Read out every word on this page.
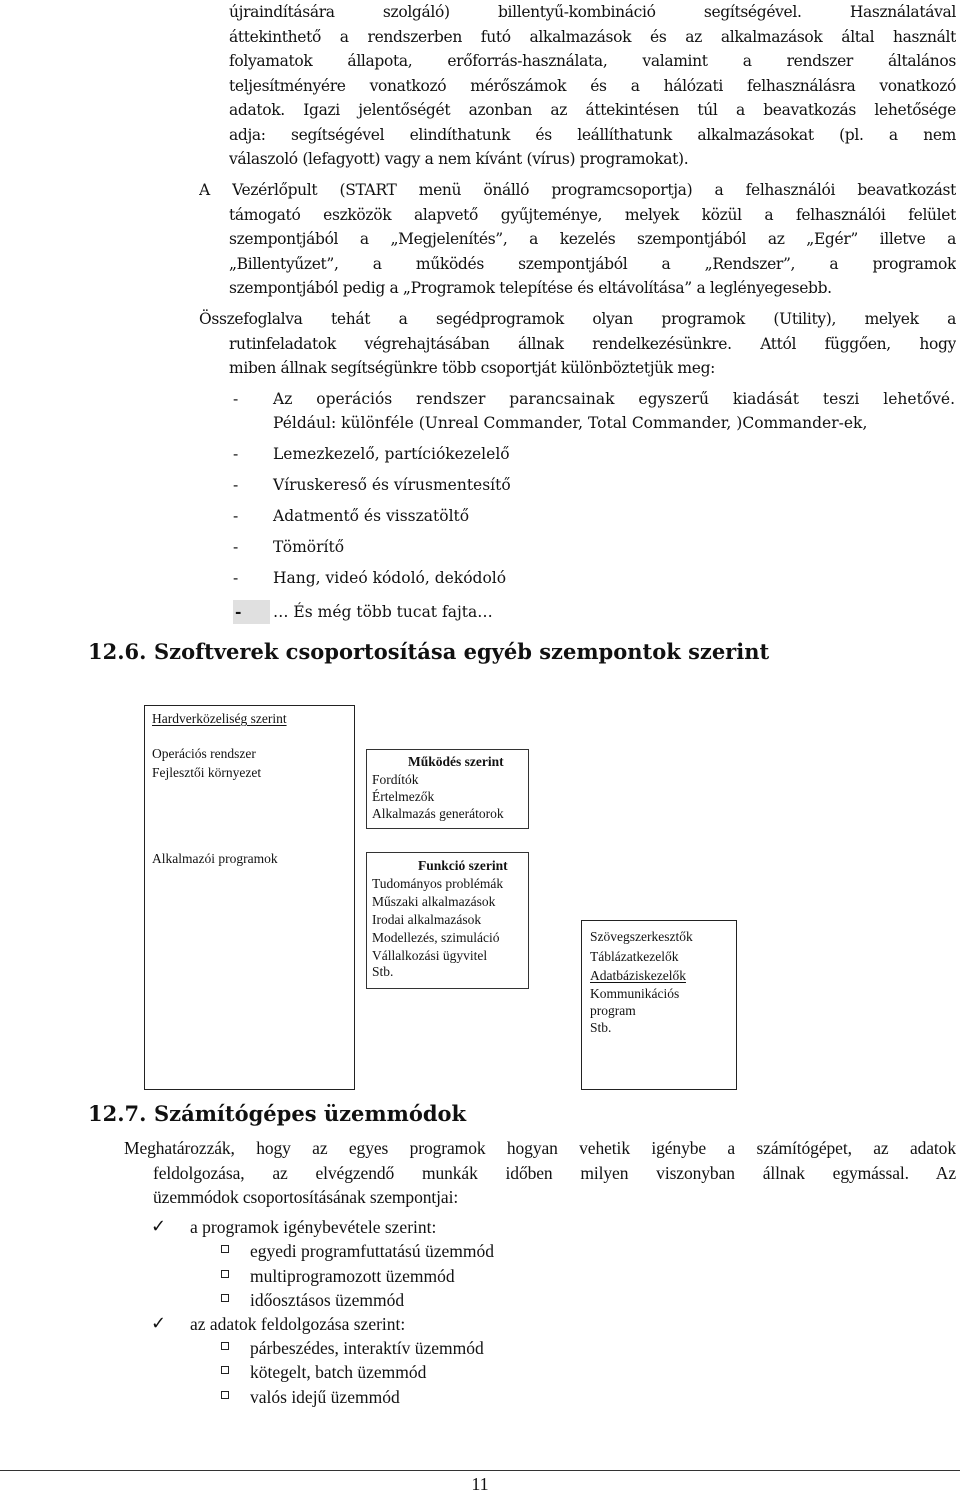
újraindítására szolgáló) billentyű-kombináció segítségével. Használatával
áttekinthető a rendszerben futó alkalmazások és az alkalmazások által használt
folyamatok állapota, erőforrás-használata, valamint a rendszer általános
teljesítményére vonatkozó mérőszámok és a hálózati felhasználásra vonatkozó
adatok. Igazi jelentőségét azonban az áttekintésen túl a beavatkozás lehetősége
adja: segítségével elindíthatunk és leállíthatunk alkalmazásokat (pl. a nem
válaszoló (lefagyott) vagy a nem kívánt (vírus) programokat).
A Vezérlőpult (START menü önálló programcsoportja) a felhasználói beavatkozást
támogató eszközök alapvető gyűjteménye, melyek közül a felhasználói felület
szempontjából a „Megjelenítés”, a kezelés szempontjából az „Egér” illetve a
„Billentyűzet”, a működés szempontjából a „Rendszer”, a programok
szempontjából pedig a „Programok telepítése és eltávolítása” a leglényegesebb.
Összefoglalva tehát a segédprogramok olyan programok (Utility), melyek a
rutinfeladatok végrehajtásában állnak rendelkezésünkre. Attól függően, hogy
miben állnak segítségünkre több csoportját különböztetjük meg:
-	Az operációs rendszer parancsainak egyszerű kiadását teszi lehetővé.
Például: különféle (Unreal Commander, Total Commander, )Commander-ek,
-	Lemezkezelő, partíciókezelelő
-	Víruskereső és vírusmentesítő
-	Adatmentő és visszatöltő
-	Tömörítő
-	Hang, videó kódoló, dekódoló
-	… És még több tucat fajta…
12.6. Szoftverek csoportosítása egyéb szempontok szerint
Hardverközeliség szerint
Operációs rendszer
Fejlesztői környezet
Alkalmazói programok
Működés szerint
Fordítók
Értelmezők
Alkalmazás generátorok
Funkció szerint
Tudományos problémák
Műszaki alkalmazások
Irodai alkalmazások
Modellezés, szimuláció
Vállalkozási ügyvitel
Stb.
Szövegszerkesztők
Táblázatkezelők
Adatbáziskezelők
Kommunikációs
program
Stb.
12.7. Számítógépes üzemmódok
Meghatározzák, hogy az egyes programok hogyan vehetik igénybe a számítógépet, az adatok
feldolgozása, az elvégzendő munkák időben milyen viszonyban állnak egymással. Az
üzemmódok csoportosításának szempontjai:
✓ a programok igénybevétele szerint:
egyedi programfuttatású üzemmód
multiprogramozott üzemmód
időosztásos üzemmód
✓ az adatok feldolgozása szerint:
párbeszédes, interaktív üzemmód
kötegelt, batch üzemmód
valós idejű üzemmód
11
